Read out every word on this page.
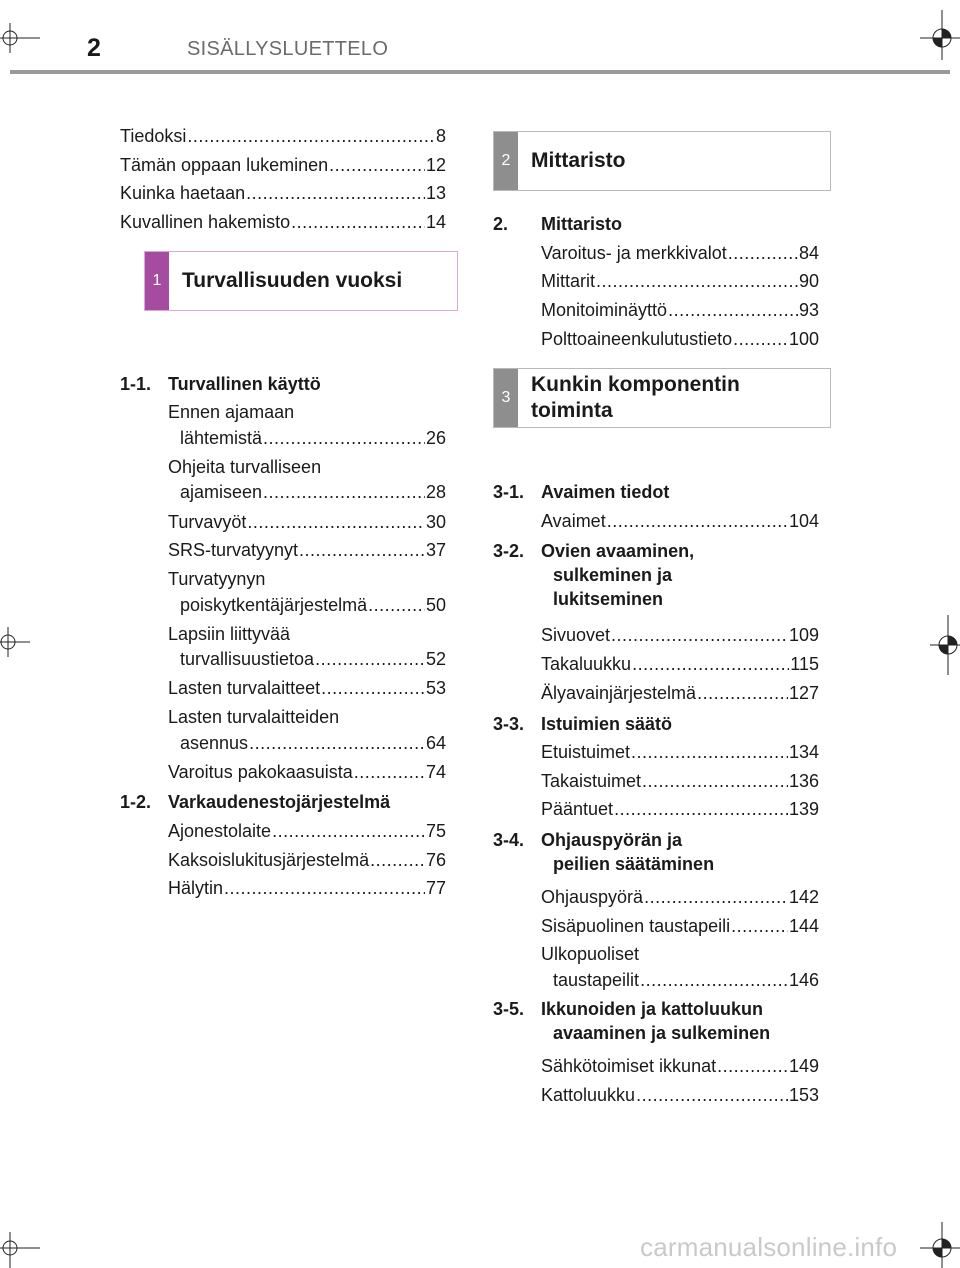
2	SISÄLLYSLUETTELO
Tiedoksi .....	8
Tämän oppaan lukeminen .....	12
Kuinka haetaan .....	13
Kuvallinen hakemisto .....	14
1 Turvallisuuden vuoksi
1-1. Turvallinen käyttö
Ennen ajamaan
lähtemistä .....	26
Ohjeita turvalliseen
ajamiseen .....	28
Turvavyöt .....	30
SRS-turvatyynyt .....	37
Turvatyynyn
poiskytkentäjärjestelmä .....	50
Lapsiin liittyvää
turvallisuustietoa .....	52
Lasten turvalaitteet .....	53
Lasten turvalaitteiden
asennus .....	64
Varoitus pakokaasuista .....	74
1-2. Varkaudenestojärjestelmä
Ajonestolaite .....	75
Kaksoislukitusjärjestelmä .....	76
Hälytin .....	77
2 Mittaristo
2.	Mittaristo
Varoitus- ja merkkivalot .....	84
Mittarit .....	90
Monitoiminäyttö .....	93
Polttoaineenkulutustieto .....	100
3
Kunkin komponentin
toiminta
3-1. Avaimen tiedot
Avaimet .....	104
3-2. Ovien avaaminen,
sulkeminen ja
lukitseminen
Sivuovet .....	109
Takaluukku .....	115
Älyavainjärjestelmä .....	127
3-3. Istuimien säätö
Etuistuimet .....	134
Takaistuimet .....	136
Pääntuet .....	139
3-4. Ohjauspyörän ja
peilien säätäminen
Ohjauspyörä .....	142
Sisäpuolinen taustapeili .....	144
Ulkopuoliset
taustapeilit .....	146
3-5. Ikkunoiden ja kattoluukun
avaaminen ja sulkeminen
Sähkötoimiset ikkunat .....	149
Kattoluukku .....	153
carmanualsonline.info
